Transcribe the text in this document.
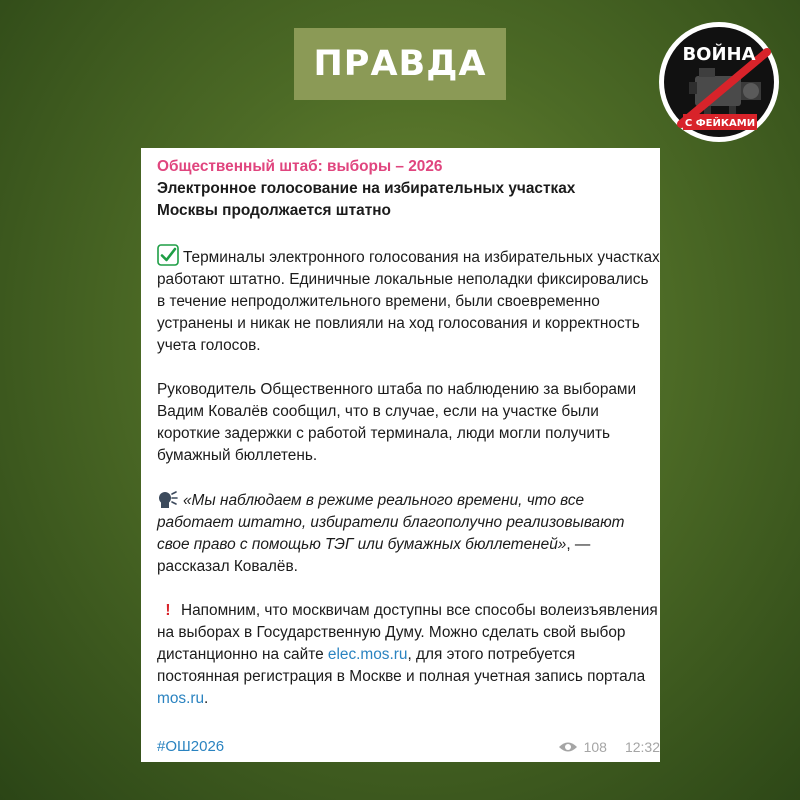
ПРАВДА	ВОЙНА
С ФЕЙКАМИ
Общественный штаб: выборы – 2026

Электронное голосование на избирательных участках
Москвы продолжается штатно

Терминалы электронного голосования на избирательных участках работают штатно. Единичные локальные неполадки фиксировались в течение непродолжительного времени, были своевременно устранены и никак не повлияли на ход голосования и корректность учета голосов.

Руководитель Общественного штаба по наблюдению за выборами Вадим Ковалёв сообщил, что в случае, если на участке были короткие задержки с работой терминала, люди могли получить бумажный бюллетень.

«Мы наблюдаем в режиме реального времени, что все работает штатно, избиратели благополучно реализовывают свое право с помощью ТЭГ или бумажных бюллетеней», — рассказал Ковалёв.

! Напомним, что москвичам доступны все способы волеизъявления на выборах в Государственную Думу. Можно сделать свой выбор дистанционно на сайте elec.mos.ru, для этого потребуется постоянная регистрация в Москве и полная учетная запись портала mos.ru.

#ОШ2026	108 12:32
